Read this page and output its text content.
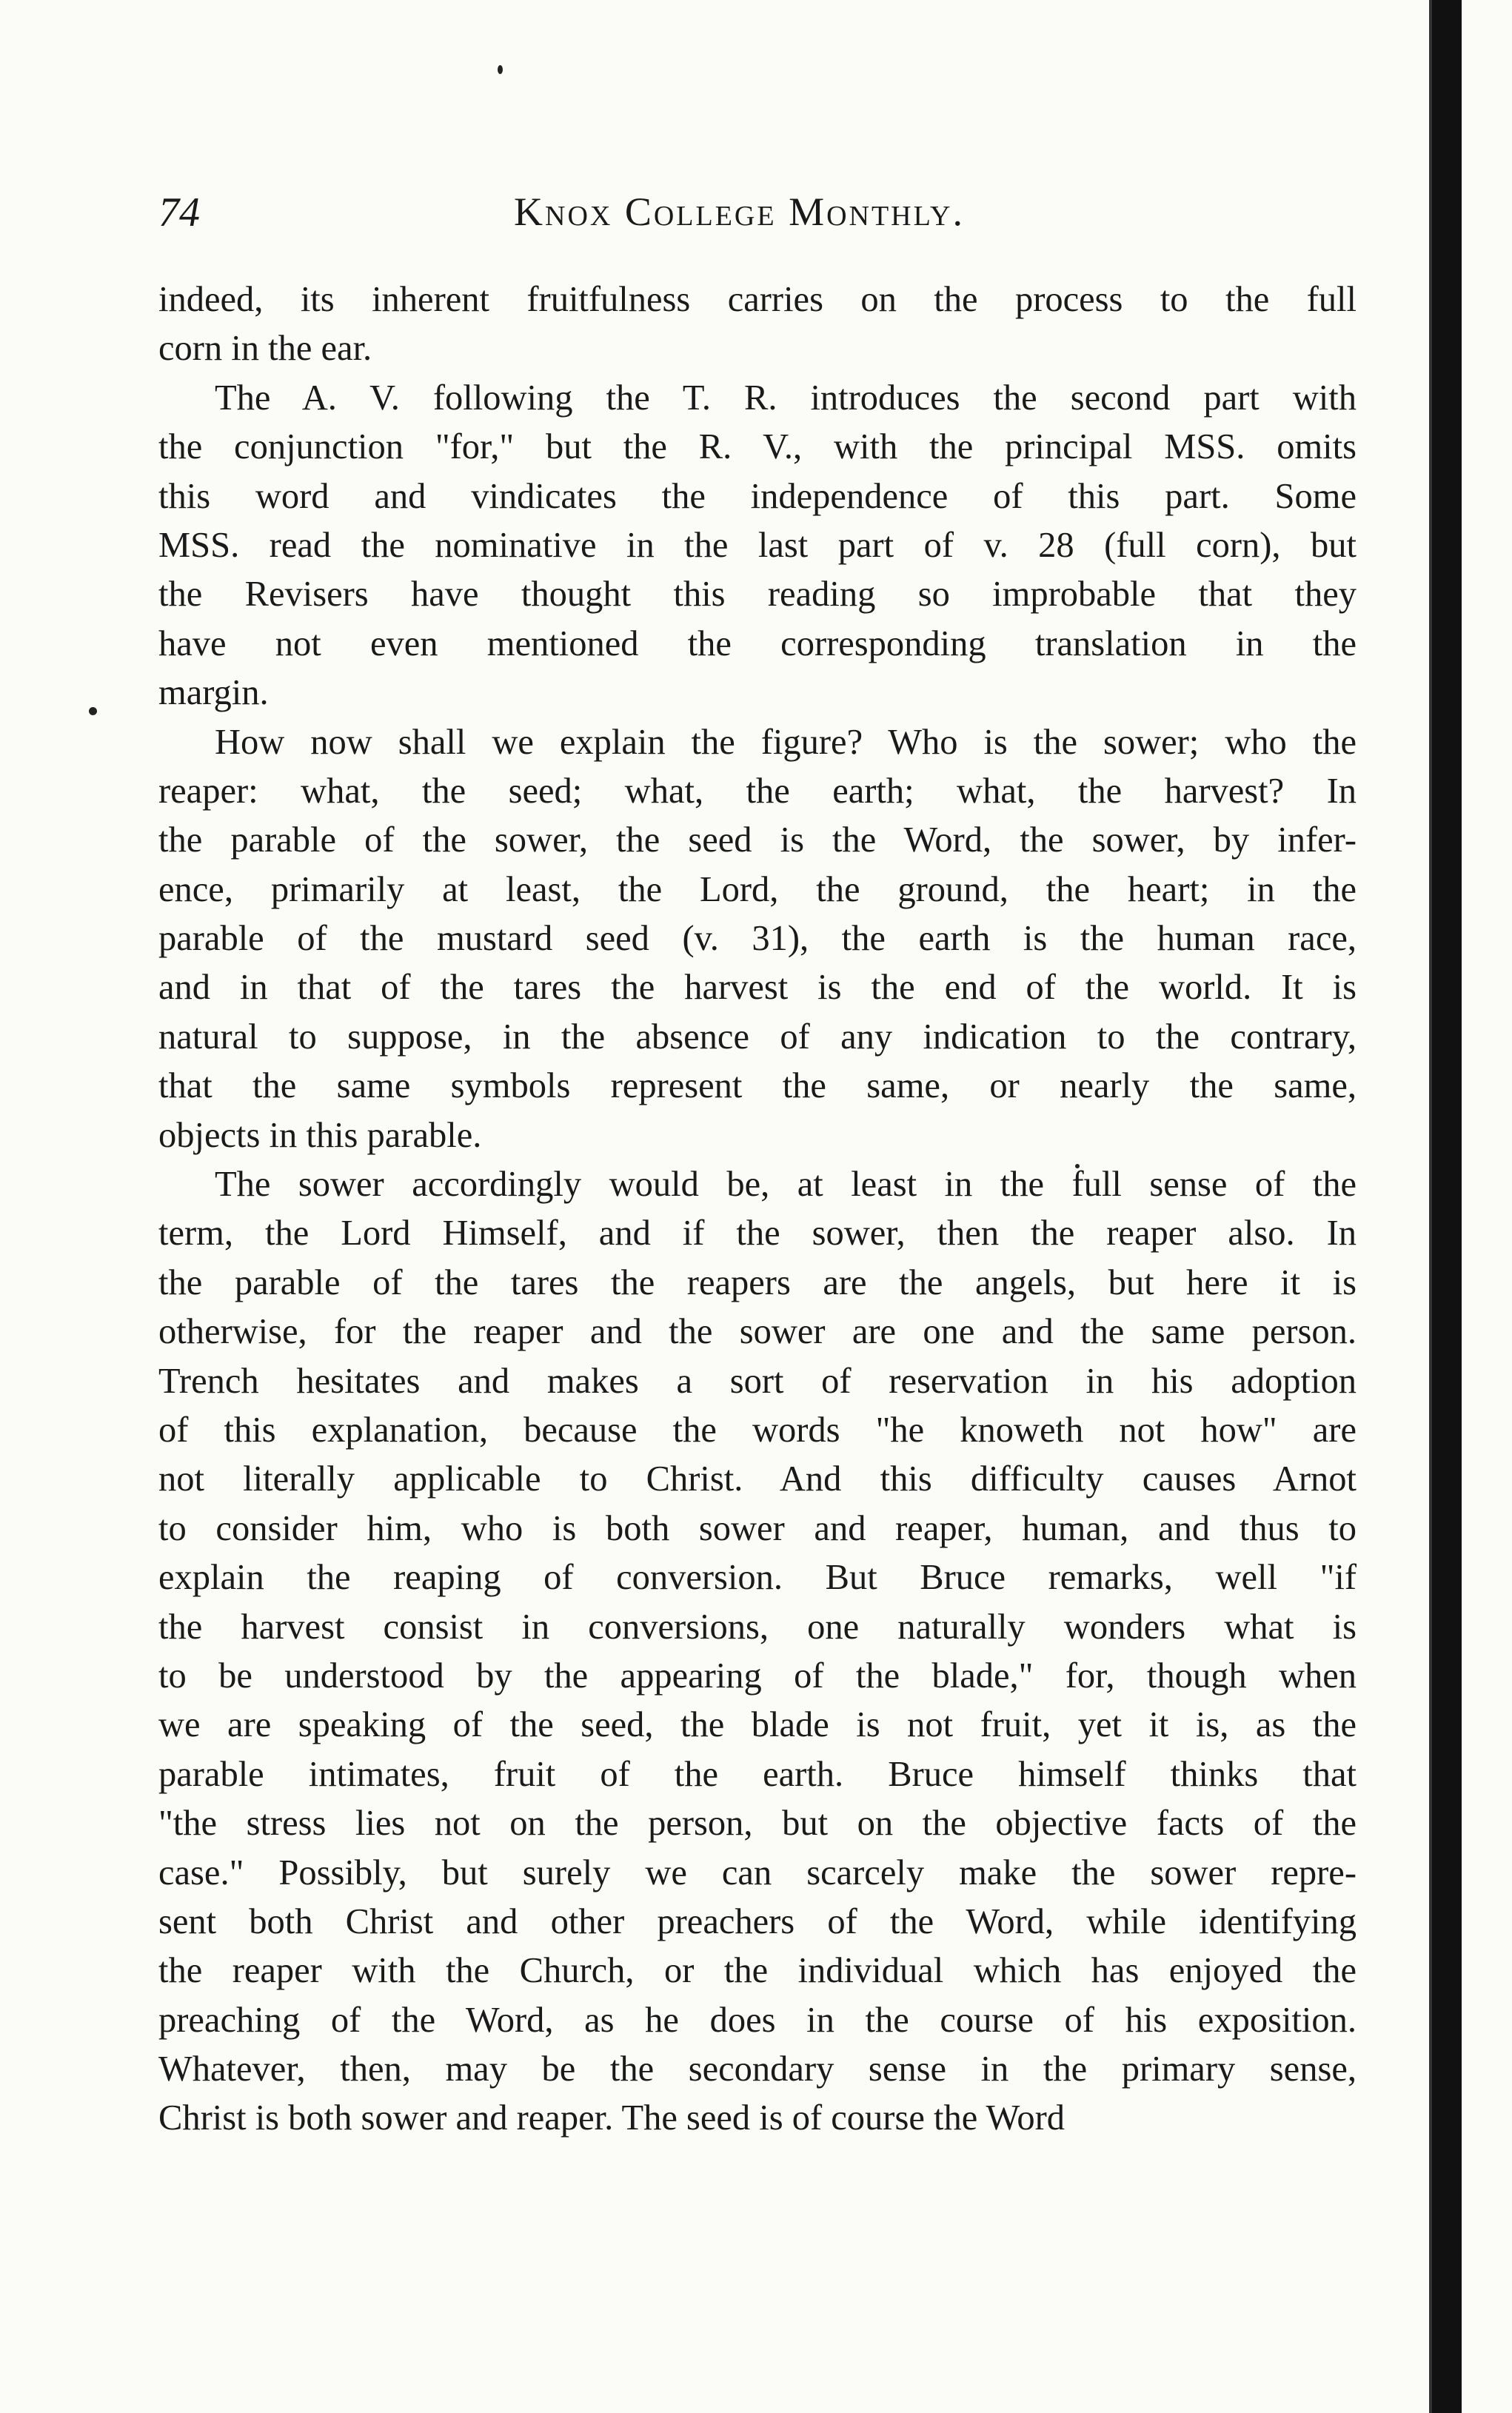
74	Knox College Monthly.
indeed, its inherent fruitfulness carries on the process to the full
corn in the ear.
The A. V. following the T. R. introduces the second part with
the conjunction "for," but the R. V., with the principal MSS. omits
this word and vindicates the independence of this part. Some
MSS. read the nominative in the last part of v. 28 (full corn), but
the Revisers have thought this reading so improbable that they
have not even mentioned the corresponding translation in the
margin.
How now shall we explain the figure? Who is the sower; who the
reaper: what, the seed; what, the earth; what, the harvest? In
the parable of the sower, the seed is the Word, the sower, by infer-
ence, primarily at least, the Lord, the ground, the heart; in the
parable of the mustard seed (v. 31), the earth is the human race,
and in that of the tares the harvest is the end of the world. It is
natural to suppose, in the absence of any indication to the contrary,
that the same symbols represent the same, or nearly the same,
objects in this parable.
The sower accordingly would be, at least in the full sense of the
term, the Lord Himself, and if the sower, then the reaper also. In
the parable of the tares the reapers are the angels, but here it is
otherwise, for the reaper and the sower are one and the same person.
Trench hesitates and makes a sort of reservation in his adoption
of this explanation, because the words "he knoweth not how" are
not literally applicable to Christ. And this difficulty causes Arnot
to consider him, who is both sower and reaper, human, and thus to
explain the reaping of conversion. But Bruce remarks, well "if
the harvest consist in conversions, one naturally wonders what is
to be understood by the appearing of the blade," for, though when
we are speaking of the seed, the blade is not fruit, yet it is, as the
parable intimates, fruit of the earth. Bruce himself thinks that
"the stress lies not on the person, but on the objective facts of the
case." Possibly, but surely we can scarcely make the sower repre-
sent both Christ and other preachers of the Word, while identifying
the reaper with the Church, or the individual which has enjoyed the
preaching of the Word, as he does in the course of his exposition.
Whatever, then, may be the secondary sense in the primary sense,
Christ is both sower and reaper. The seed is of course the Word
